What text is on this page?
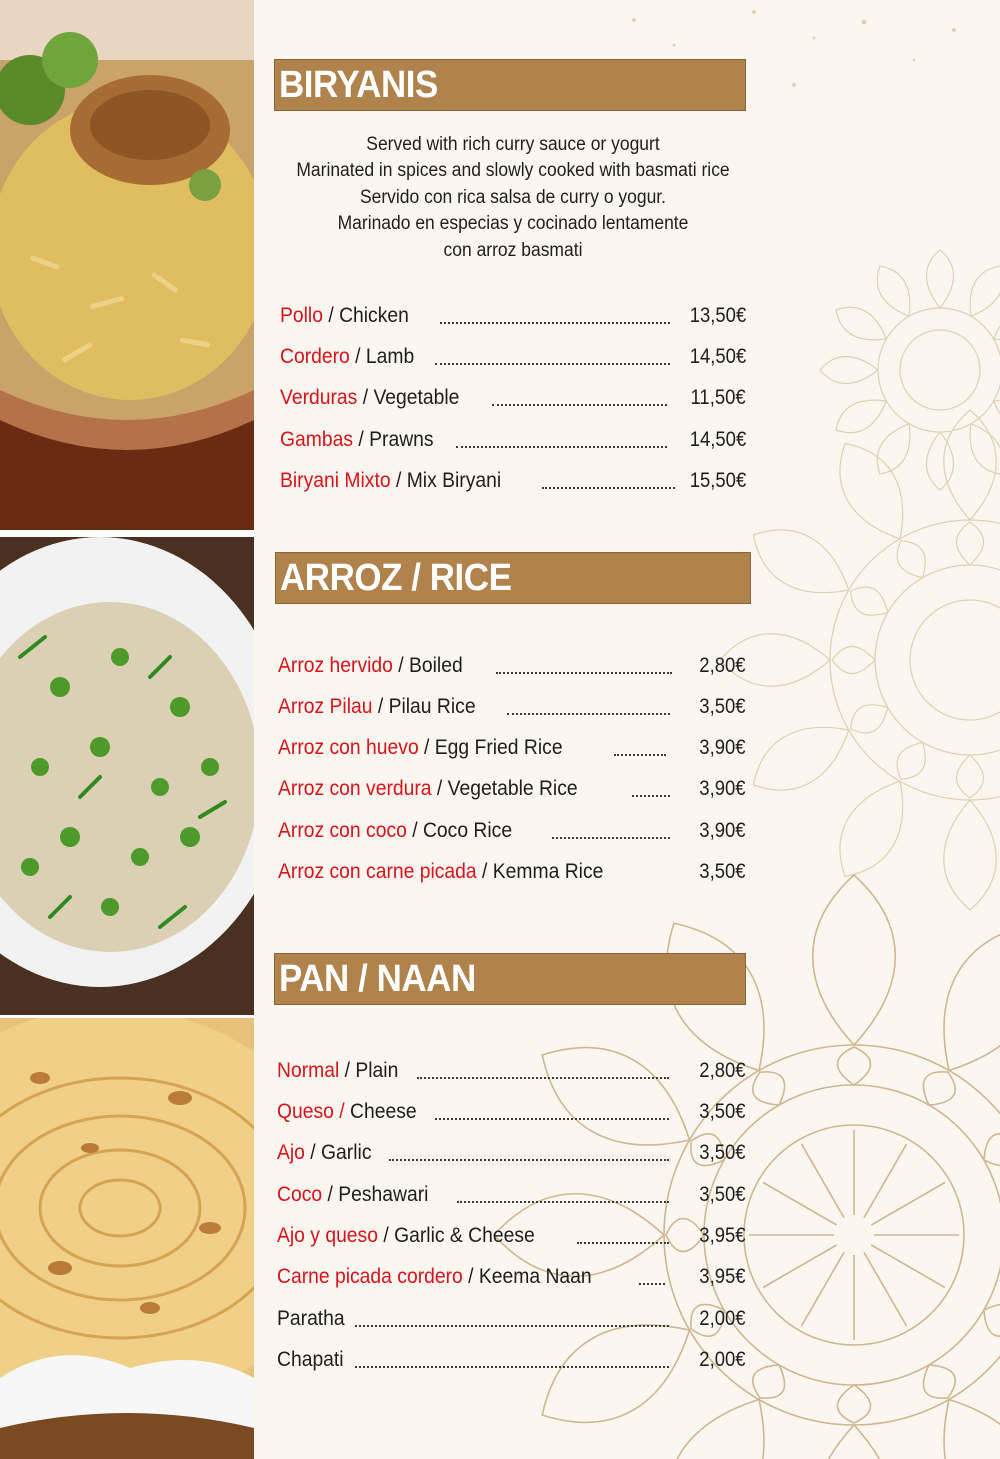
BIRYANIS
Served with rich curry sauce or yogurt
Marinated in spices and slowly cooked with basmati rice
Servido con rica salsa de curry o yogur.
Marinado en especias y cocinado lentamente
con arroz basmati
Pollo / Chicken	13,50€
Cordero / Lamb	14,50€
Verduras / Vegetable	11,50€
Gambas / Prawns	14,50€
Biryani Mixto / Mix Biryani	15,50€
ARROZ / RICE
Arroz hervido / Boiled	2,80€
Arroz Pilau / Pilau Rice	3,50€
Arroz con huevo / Egg Fried Rice	3,90€
Arroz con verdura / Vegetable Rice	3,90€
Arroz con coco / Coco Rice	3,90€
Arroz con carne picada / Kemma Rice	3,50€
PAN / NAAN
Normal / Plain	2,80€
Queso / Cheese	3,50€
Ajo / Garlic	3,50€
Coco / Peshawari	3,50€
Ajo y queso / Garlic & Cheese	3,95€
Carne picada cordero / Keema Naan	3,95€
Paratha	2,00€
Chapati	2,00€
